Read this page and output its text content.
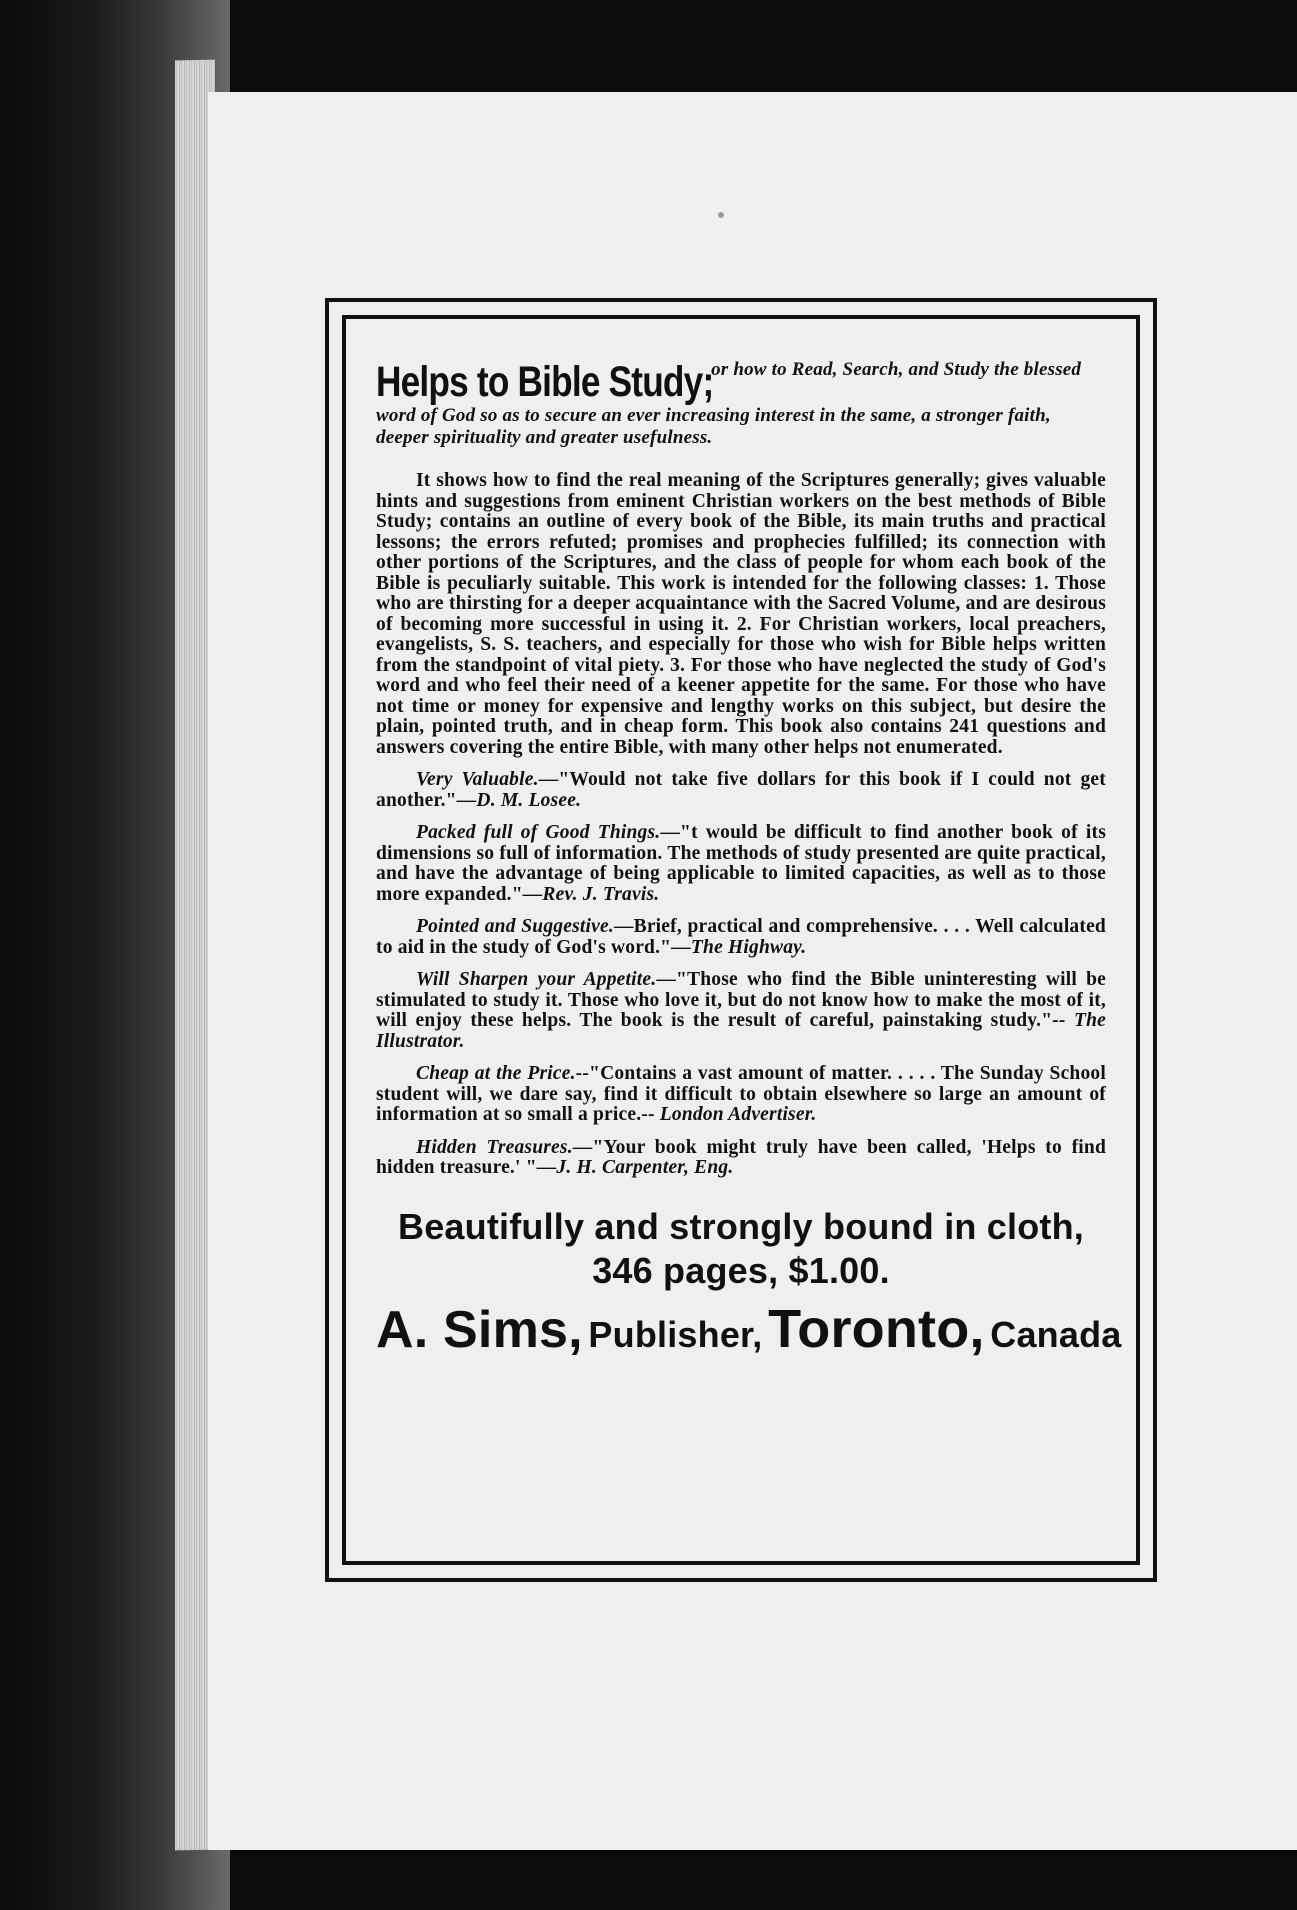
Helps to Bible Study; or how to Read, Search, and Study the blessed word of God so as to secure an ever increasing interest in the same, a stronger faith, deeper spirituality and greater usefulness.

It shows how to find the real meaning of the Scriptures generally; gives valuable hints and suggestions from eminent Christian workers on the best methods of Bible Study; contains an outline of every book of the Bible, its main truths and practical lessons; the errors refuted; promises and prophecies fulfilled; its connection with other portions of the Scriptures, and the class of people for whom each book of the Bible is peculiarly suitable. This work is intended for the following classes: 1. Those who are thirsting for a deeper acquaintance with the Sacred Volume, and are desirous of becoming more successful in using it. 2. For Christian workers, local preachers, evangelists, S. S. teachers, and especially for those who wish for Bible helps written from the standpoint of vital piety. 3. For those who have neglected the study of God's word and who feel their need of a keener appetite for the same. For those who have not time or money for expensive and lengthy works on this subject, but desire the plain, pointed truth, and in cheap form. This book also contains 241 questions and answers covering the entire Bible, with many other helps not enumerated.

Very Valuable.—"Would not take five dollars for this book if I could not get another."—D. M. Losee.

Packed full of Good Things.—"t would be difficult to find another book of its dimensions so full of information. The methods of study presented are quite practical, and have the advantage of being applicable to limited capacities, as well as to those more expanded."—Rev. J. Travis.

Pointed and Suggestive.—Brief, practical and comprehensive. . . . Well calculated to aid in the study of God's word."—The Highway.

Will Sharpen your Appetite.—"Those who find the Bible uninteresting will be stimulated to study it. Those who love it, but do not know how to make the most of it, will enjoy these helps. The book is the result of careful, painstaking study."-- The Illustrator.

Cheap at the Price.--"Contains a vast amount of matter. . . . . The Sunday School student will, we dare say, find it difficult to obtain elsewhere so large an amount of information at so small a price.-- London Advertiser.

Hidden Treasures.—"Your book might truly have been called, 'Helps to find hidden treasure.' "—J. H. Carpenter, Eng.

Beautifully and strongly bound in cloth,
346 pages, $1.00.
A. Sims, Publisher, Toronto, Canada
